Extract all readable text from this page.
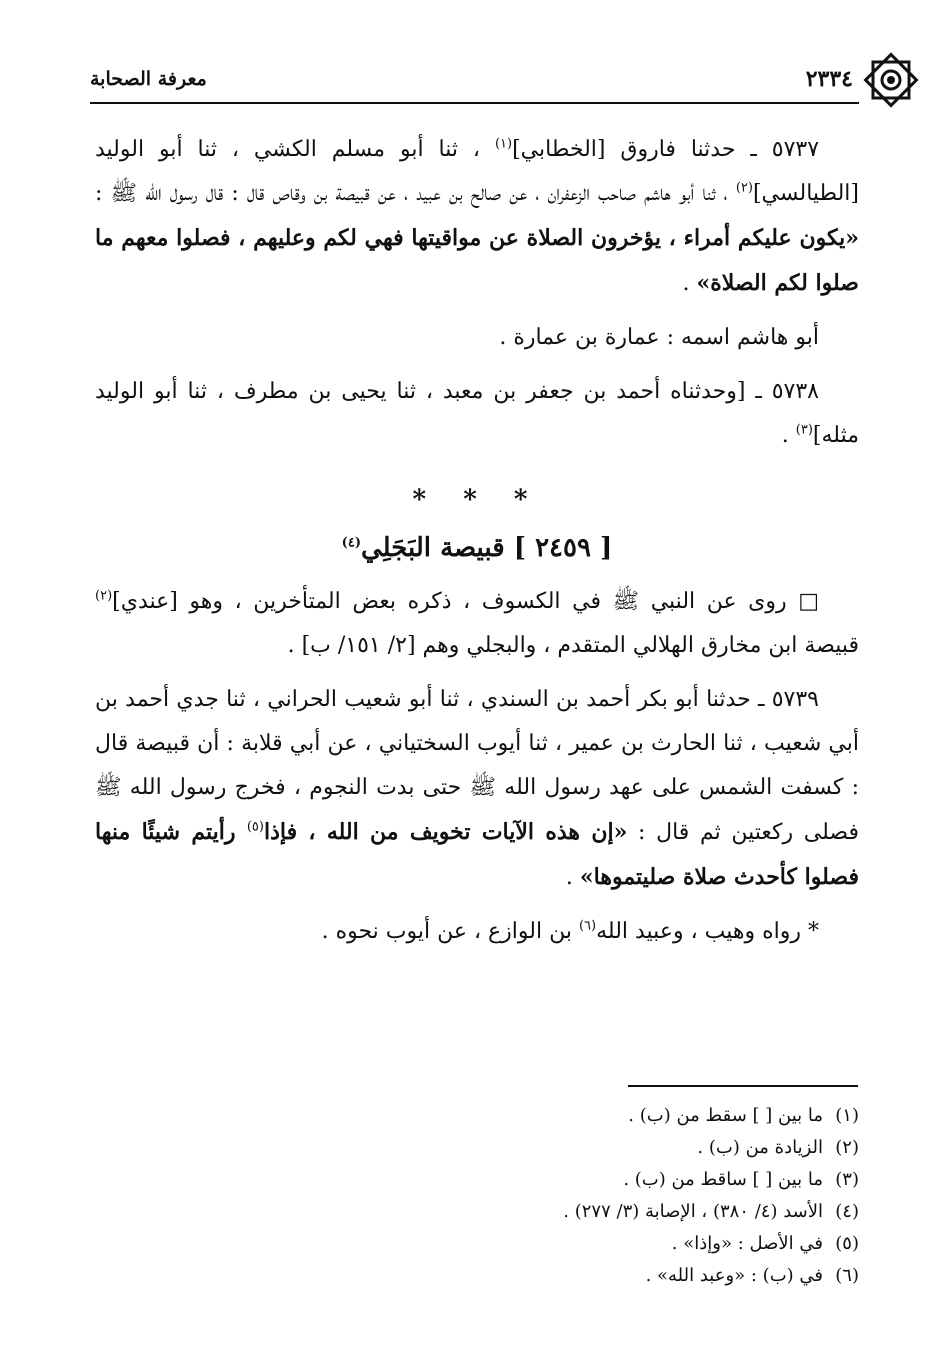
٢٣٣٤
معرفة الصحابة

٥٧٣٧ ـ حدثنا فاروق [الخطابي]$^{(١)}$ ، ثنا أبو مسلم الكشي ، ثنا أبو الوليد [الطيالسي]$^{(٢)}$ ، ثنا أبو هاشم صاحب الزعفران ، عن صالح بن عبيد ، عن قبيصة بن وقاص قال : قال رسول الله ﷺ : «يكون عليكم أمراء ، يؤخرون الصلاة عن مواقيتها فهي لكم وعليهم ، فصلوا معهم ما صلوا لكم الصلاة» .

أبو هاشم اسمه : عمارة بن عمارة .

٥٧٣٨ ـ [وحدثناه أحمد بن جعفر بن معبد ، ثنا يحيى بن مطرف ، ثنا أبو الوليد مثله]$^{(٣)}$ .

* * *

[ ٢٤٥٩ ] قبيصة البَجَلِي$^{(٤)}$

□ روى عن النبي ﷺ في الكسوف ، ذكره بعض المتأخرين ، وهو [عندي]$^{(٢)}$ قبيصة ابن مخارق الهلالي المتقدم ، والبجلي وهم [٢/ ١٥١/ ب] .

٥٧٣٩ ـ حدثنا أبو بكر أحمد بن السندي ، ثنا أبو شعيب الحراني ، ثنا جدي أحمد بن أبي شعيب ، ثنا الحارث بن عمير ، ثنا أيوب السختياني ، عن أبي قلابة : أن قبيصة قال : كسفت الشمس على عهد رسول الله ﷺ حتى بدت النجوم ، فخرج رسول الله ﷺ فصلى ركعتين ثم قال : «إن هذه الآيات تخويف من الله ، فإذا$^{(٥)}$ رأيتم شيئًا منها فصلوا كأحدث صلاة صليتموها» .

* رواه وهيب ، وعبيد الله$^{(٦)}$ بن الوازع ، عن أيوب نحوه .

(١)ما بين [ ] سقط من (ب) .

(٢)الزيادة من (ب) .

(٣)ما بين [ ] ساقط من (ب) .

(٤)الأسد (٤/ ٣٨٠) ، الإصابة (٣/ ٢٧٧) .

(٥)في الأصل : «وإذا» .

(٦)في (ب) : «وعبد الله» .
